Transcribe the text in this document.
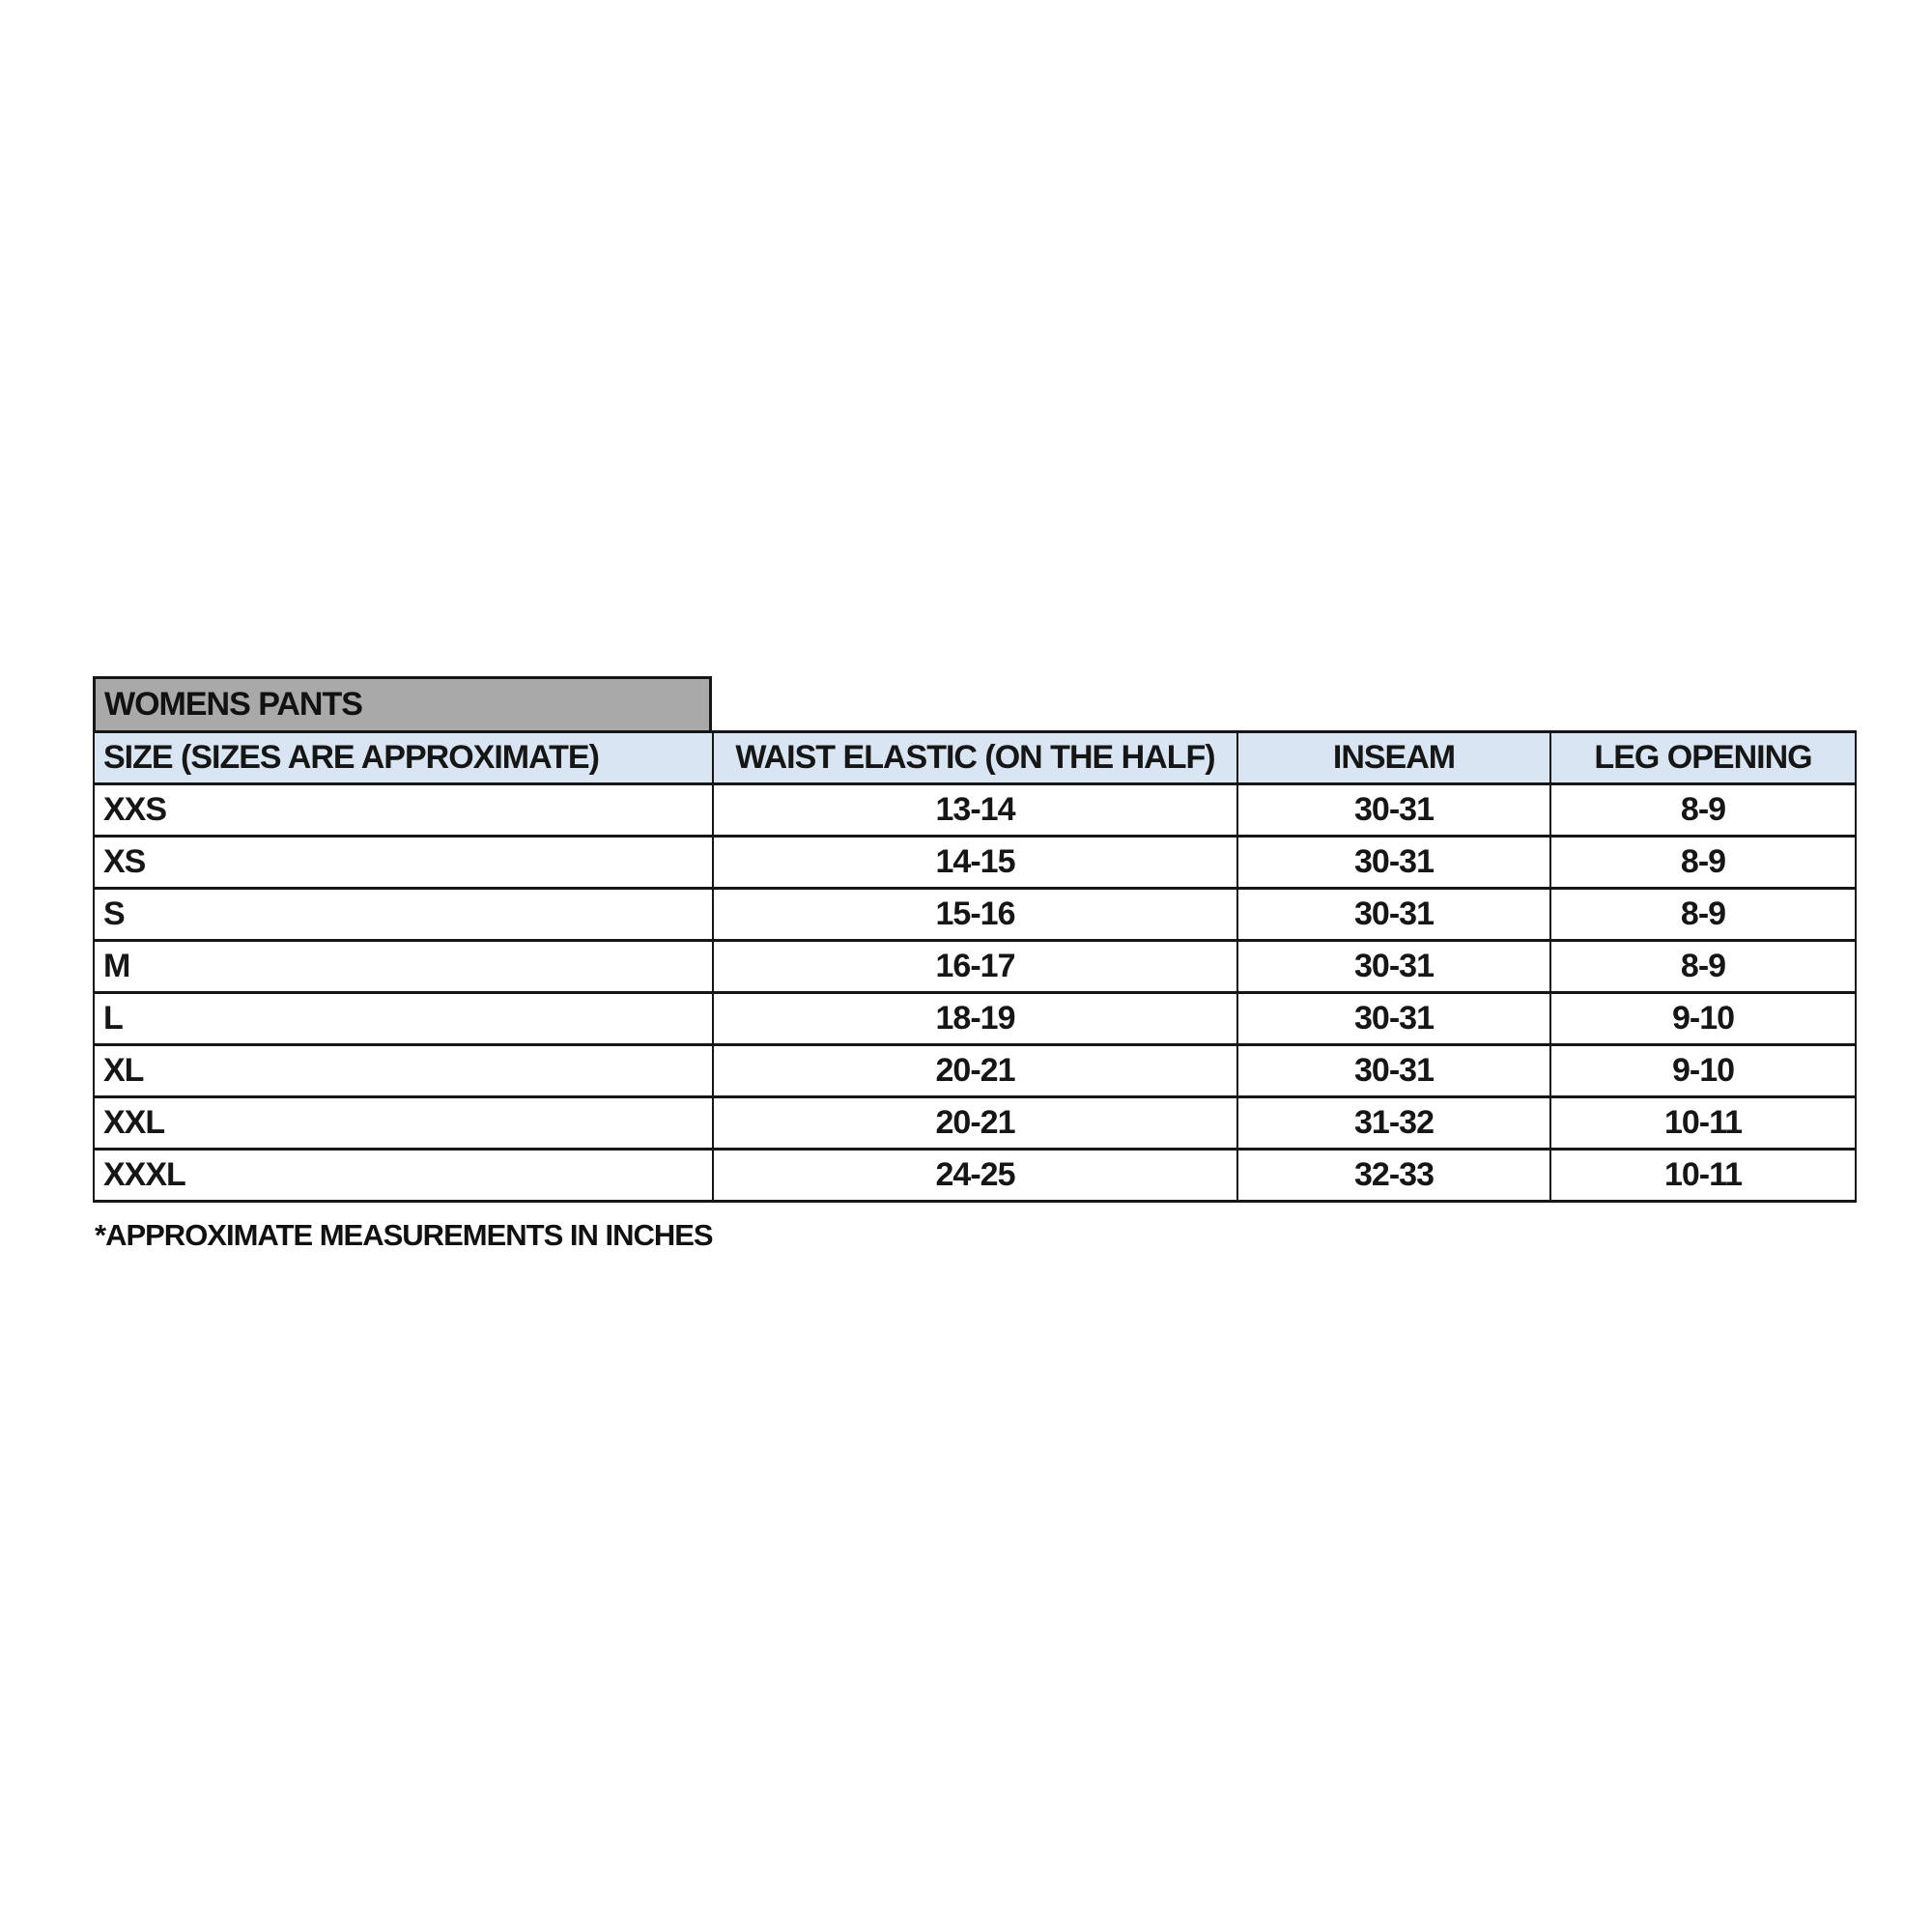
WOMENS PANTS
SIZE (SIZES ARE APPROXIMATE)	WAIST ELASTIC (ON THE HALF)	INSEAM	LEG OPENING
XXS	13-14	30-31	8-9
XS	14-15	30-31	8-9
S	15-16	30-31	8-9
M	16-17	30-31	8-9
L	18-19	30-31	9-10
XL	20-21	30-31	9-10
XXL	20-21	31-32	10-11
XXXL	24-25	32-33	10-11
*APPROXIMATE MEASUREMENTS IN INCHES
